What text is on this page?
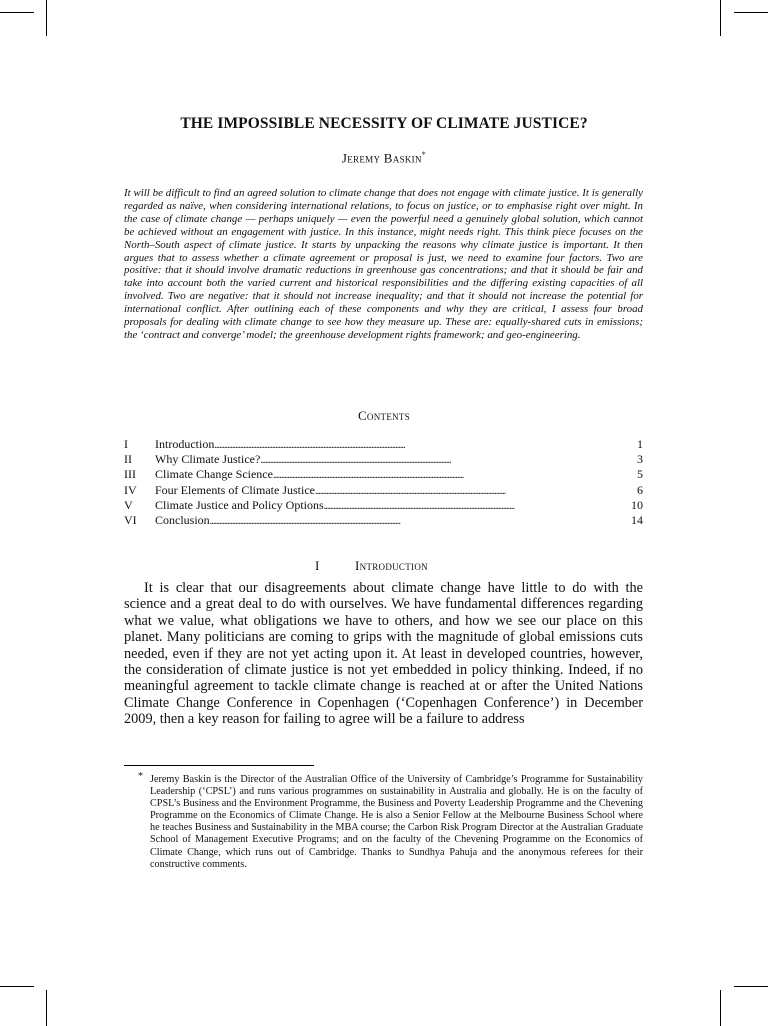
THE IMPOSSIBLE NECESSITY OF CLIMATE JUSTICE?
Jeremy Baskin*

It will be difficult to find an agreed solution to climate change that does not engage with climate justice. It is generally regarded as naïve, when considering international relations, to focus on justice, or to emphasise right over might. In the case of climate change — perhaps uniquely — even the powerful need a genuinely global solution, which cannot be achieved without an engagement with justice. In this instance, might needs right. This think piece focuses on the North–South aspect of climate justice. It starts by unpacking the reasons why climate justice is important. It then argues that to assess whether a climate agreement or proposal is just, we need to examine four factors. Two are positive: that it should involve dramatic reductions in greenhouse gas concentrations; and that it should be fair and take into account both the varied current and historical responsibilities and the differing existing capacities of all involved. Two are negative: that it should not increase inequality; and that it should not increase the potential for international conflict. After outlining each of these components and why they are critical, I assess four broad proposals for dealing with climate change to see how they measure up. These are: equally-shared cuts in emissions; the ‘contract and converge’ model; the greenhouse development rights framework; and geo-engineering.

Contents
I	Introduction . . .	1
II	Why Climate Justice? . . .	3
III	Climate Change Science . . .	5
IV	Four Elements of Climate Justice . . .	6
V	Climate Justice and Policy Options . . .	10
VI	Conclusion . . .	14
I	Introduction

It is clear that our disagreements about climate change have little to do with the science and a great deal to do with ourselves. We have fundamental differences regarding what we value, what obligations we have to others, and how we see our place on this planet. Many politicians are coming to grips with the magnitude of global emissions cuts needed, even if they are not yet acting upon it. At least in developed countries, however, the consideration of climate justice is not yet embedded in policy thinking. Indeed, if no meaningful agreement to tackle climate change is reached at or after the United Nations Climate Change Conference in Copenhagen (‘Copenhagen Conference’) in December 2009, then a key reason for failing to agree will be a failure to address

* Jeremy Baskin is the Director of the Australian Office of the University of Cambridge’s Programme for Sustainability Leadership (‘CPSL’) and runs various programmes on sustainability in Australia and globally. He is on the faculty of CPSL’s Business and the Environment Programme, the Business and Poverty Leadership Programme and the Chevening Programme on the Economics of Climate Change. He is also a Senior Fellow at the Melbourne Business School where he teaches Business and Sustainability in the MBA course; the Carbon Risk Program Director at the Australian Graduate School of Management Executive Programs; and on the faculty of the Chevening Programme on the Economics of Climate Change, which runs out of Cambridge. Thanks to Sundhya Pahuja and the anonymous referees for their constructive comments.
